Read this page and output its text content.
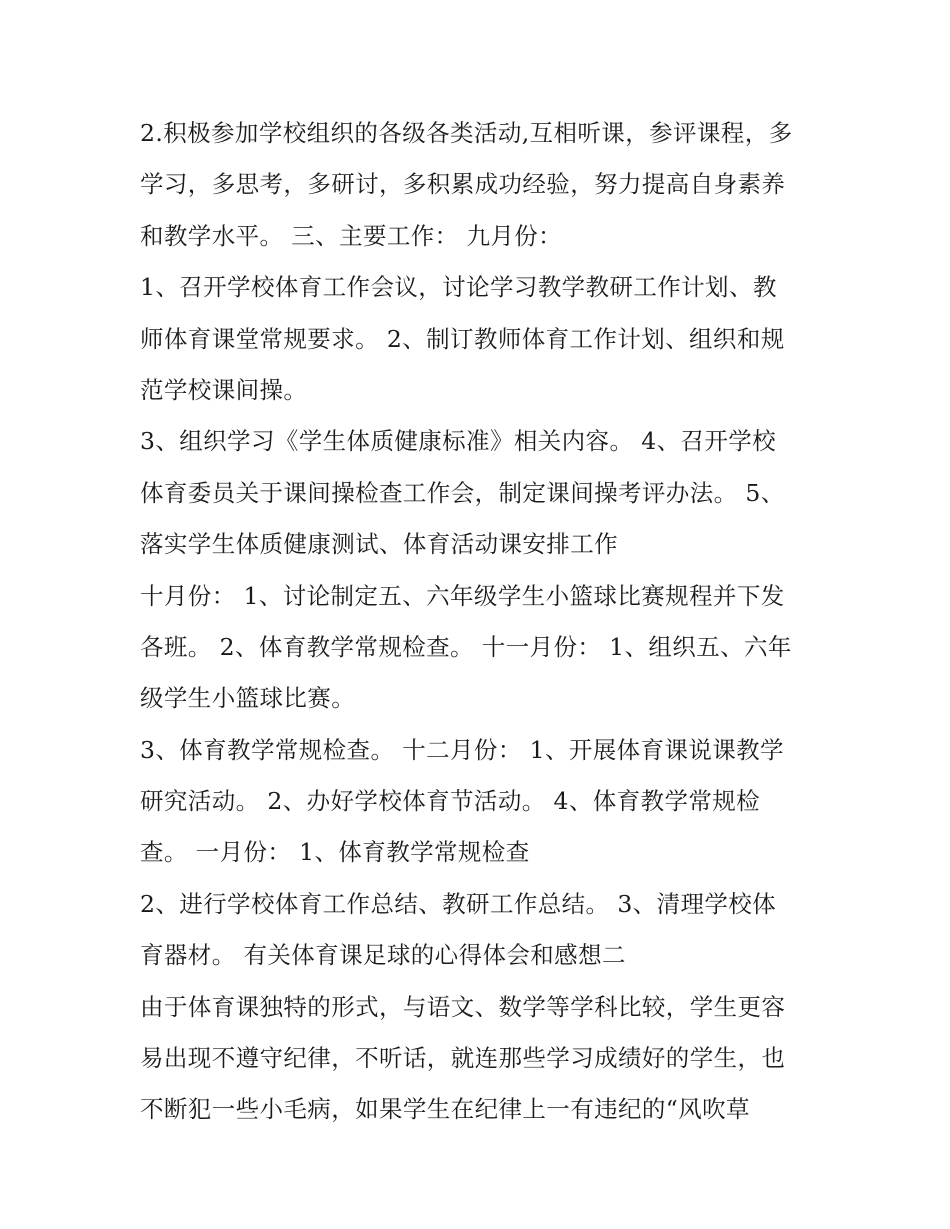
2.积极参加学校组织的各级各类活动,互相听课，参评课程，多
学习，多思考，多研讨，多积累成功经验，努力提高自身素养
和教学水平。 三、主要工作： 九月份：
1、召开学校体育工作会议，讨论学习教学教研工作计划、教
师体育课堂常规要求。 2、制订教师体育工作计划、组织和规
范学校课间操。
3、组织学习《学生体质健康标准》相关内容。 4、召开学校
体育委员关于课间操检查工作会，制定课间操考评办法。 5、
落实学生体质健康测试、体育活动课安排工作
十月份： 1、讨论制定五、六年级学生小篮球比赛规程并下发
各班。 2、体育教学常规检查。 十一月份： 1、组织五、六年
级学生小篮球比赛。
3、体育教学常规检查。 十二月份： 1、开展体育课说课教学
研究活动。 2、办好学校体育节活动。 4、体育教学常规检
查。 一月份： 1、体育教学常规检查
2、进行学校体育工作总结、教研工作总结。 3、清理学校体
育器材。 有关体育课足球的心得体会和感想二
由于体育课独特的形式，与语文、数学等学科比较，学生更容
易出现不遵守纪律，不听话，就连那些学习成绩好的学生，也
不断犯一些小毛病，如果学生在纪律上一有违纪的“风吹草
